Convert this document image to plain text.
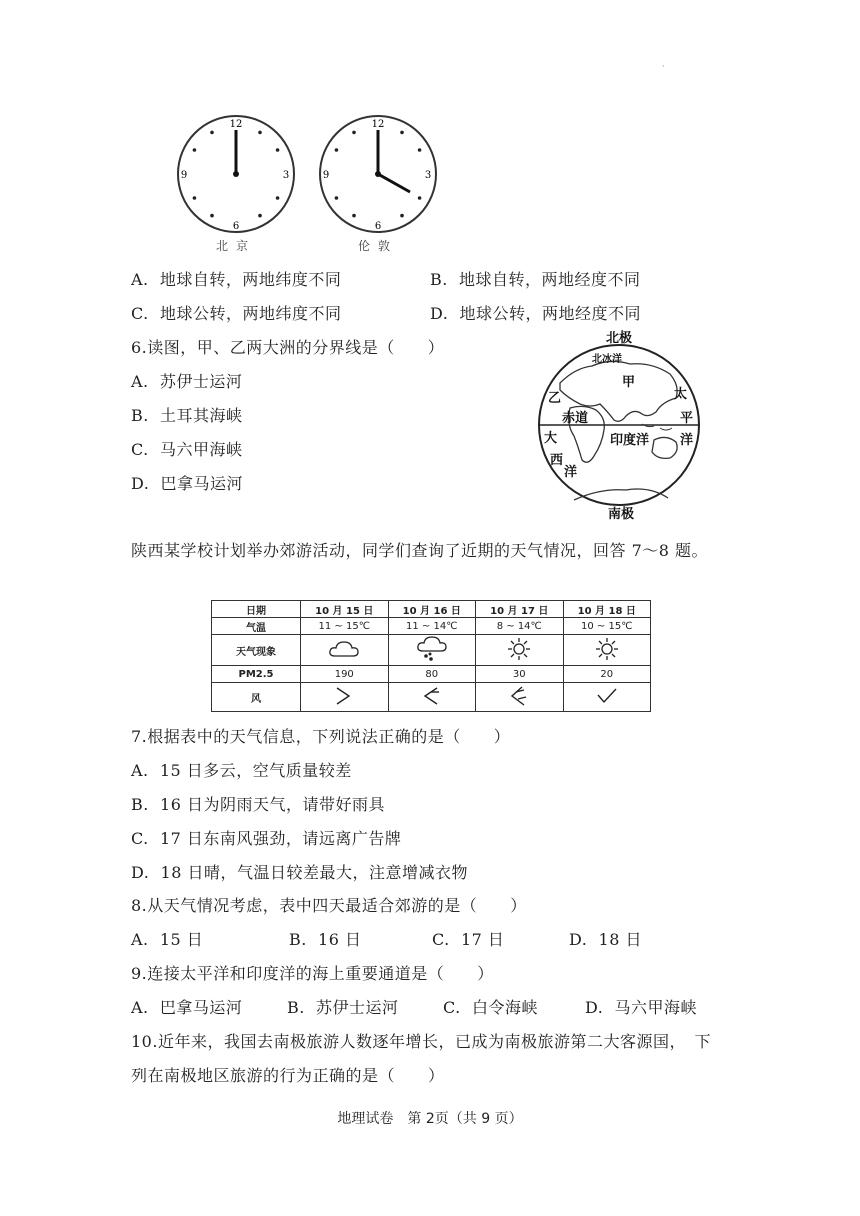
·
12
3
6
9
北京
12
3
6
9
伦敦
A. 地球自转，两地纬度不同	B. 地球自转，两地经度不同
C. 地球公转，两地纬度不同	D. 地球公转，两地经度不同
6.读图，甲、乙两大洲的分界线是（　　）
A. 苏伊士运河
B. 土耳其海峡
C. 马六甲海峡
D. 巴拿马运河
北极
北冰洋
甲
乙
赤道
太
平
洋
大
西
洋
印度洋
南极
陕西某学校计划举办郊游活动，同学们查询了近期的天气情况，回答 7～8 题。
日期	10 月 15 日	10 月 16 日	10 月 17 日	10 月 18 日
气温	11 ~ 15℃	11 ~ 14℃	8 ~ 14℃	10 ~ 15℃
天气现象				
PM2.5	190	80	30	20
风				
7.根据表中的天气信息，下列说法正确的是（　　）
A. 15 日多云，空气质量较差
B. 16 日为阴雨天气，请带好雨具
C. 17 日东南风强劲，请远离广告牌
D. 18 日晴，气温日较差最大，注意增减衣物
8.从天气情况考虑，表中四天最适合郊游的是（　　）
A. 15 日	B. 16 日	C. 17 日	D. 18 日
9.连接太平洋和印度洋的海上重要通道是（　　）
A. 巴拿马运河	B. 苏伊士运河	C. 白令海峡	D. 马六甲海峡
10.近年来，我国去南极旅游人数逐年增长，已成为南极旅游第二大客源国，　下
列在南极地区旅游的行为正确的是（　　）
地理试卷　第 2页（共 9 页）
